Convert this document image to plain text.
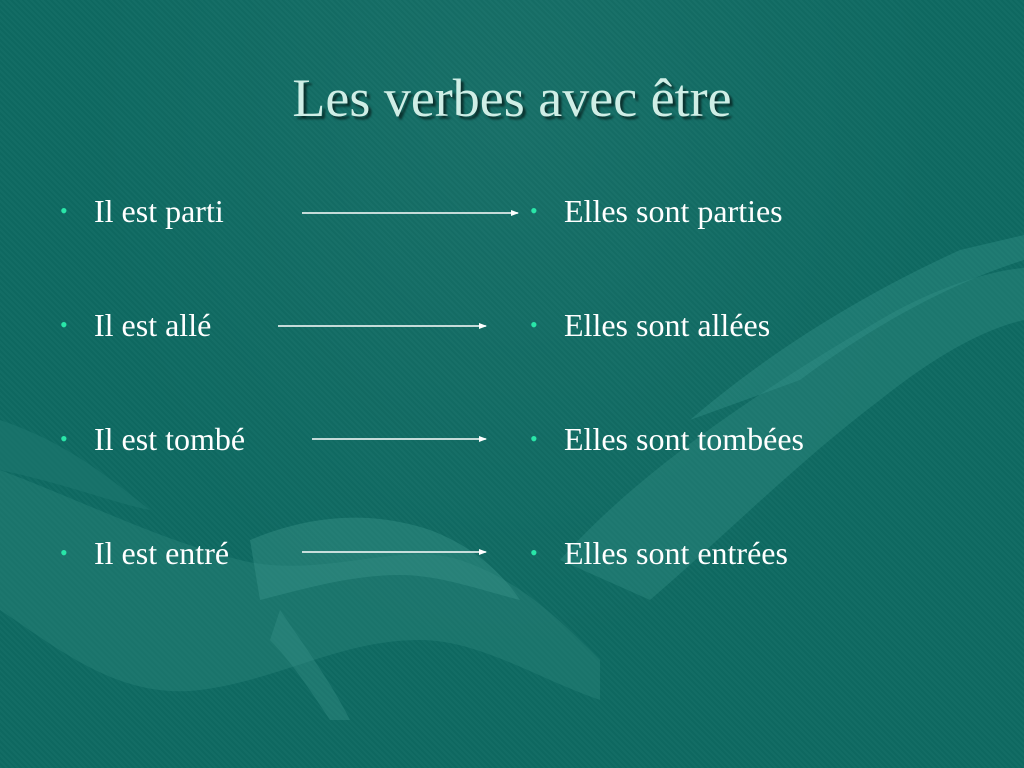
Les verbes avec être
• Il est parti
• Il est allé
• Il est tombé
• Il est entré
• Elles sont parties
• Elles sont allées
• Elles sont tombées
• Elles sont entrées
